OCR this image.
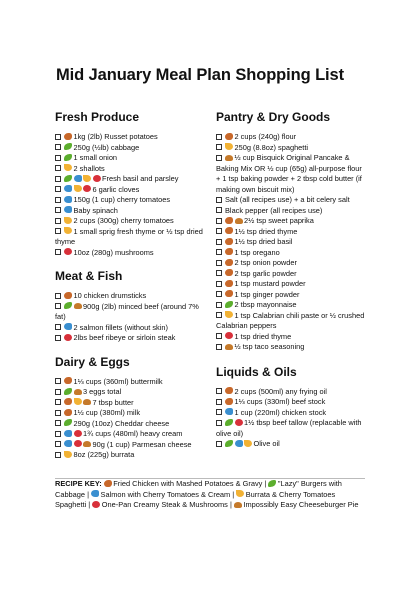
Mid January Meal Plan Shopping List
Fresh Produce
1kg (2lb) Russet potatoes
250g (½lb) cabbage
1 small onion
2 shallots
Fresh basil and parsley
6 garlic cloves
150g (1 cup) cherry tomatoes
Baby spinach
2 cups (300g) cherry tomatoes
1 small sprig fresh thyme or ½ tsp dried thyme
10oz (280g) mushrooms
Meat & Fish
10 chicken drumsticks
900g (2lb) minced beef (around 7% fat)
2 salmon fillets (without skin)
2lbs beef ribeye or sirloin steak
Dairy & Eggs
1⅓ cups (360ml) buttermilk
3 eggs total
7 tbsp butter
1½ cup (380ml) milk
290g (10oz) Cheddar cheese
1¾ cups (480ml) heavy cream
90g (1 cup) Parmesan cheese
8oz (225g) burrata
Pantry & Dry Goods
2 cups (240g) flour
250g (8.8oz) spaghetti
½ cup Bisquick Original Pancake & Baking Mix OR ½ cup (65g) all-purpose flour + 1 tsp baking powder + 2 tbsp cold butter (if making own biscuit mix)
Salt (all recipes use) + a bit celery salt
Black pepper (all recipes use)
2½ tsp sweet paprika
1½ tsp dried thyme
1½ tsp dried basil
1 tsp oregano
2 tsp onion powder
2 tsp garlic powder
1 tsp mustard powder
1 tsp ginger powder
2 tbsp mayonnaise
1 tsp Calabrian chili paste or ½ crushed Calabrian peppers
1 tsp dried thyme
½ tsp taco seasoning
Liquids & Oils
2 cups (500ml) any frying oil
1⅓ cups (330ml) beef stock
1 cup (220ml) chicken stock
1½ tbsp beef tallow (replacable with olive oil)
Olive oil
RECIPE KEY: Fried Chicken with Mashed Potatoes & Gravy | "Lazy" Burgers with Cabbage | Salmon with Cherry Tomatoes & Cream | Burrata & Cherry Tomatoes Spaghetti | One-Pan Creamy Steak & Mushrooms | Impossibly Easy Cheeseburger Pie
